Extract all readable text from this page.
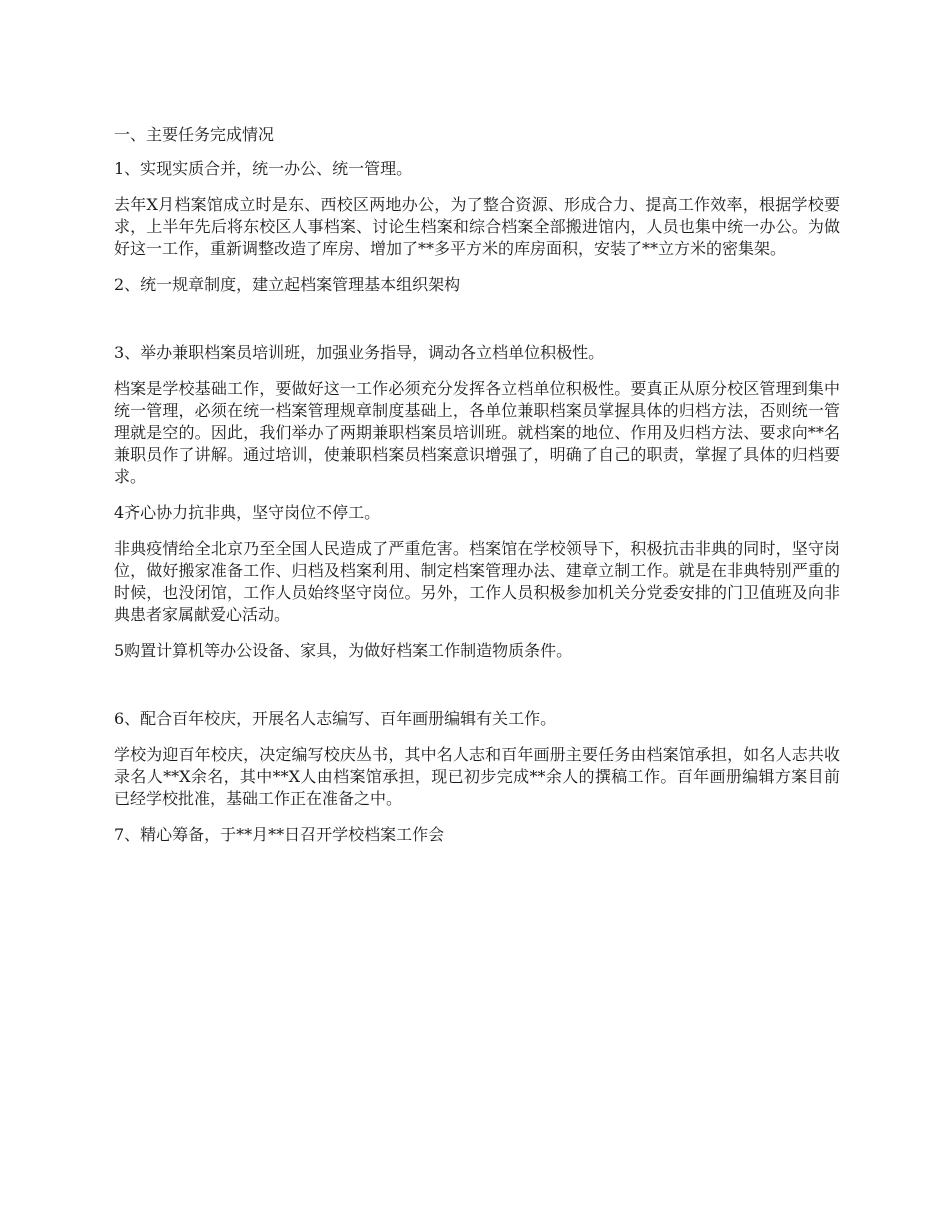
一、主要任务完成情况
1、实现实质合并，统一办公、统一管理。
去年X月档案馆成立时是东、西校区两地办公，为了整合资源、形成合力、提高工作效率，根据学校要求，上半年先后将东校区人事档案、讨论生档案和综合档案全部搬进馆内，人员也集中统一办公。为做好这一工作，重新调整改造了库房、增加了**多平方米的库房面积，安装了**立方米的密集架。
2、统一规章制度，建立起档案管理基本组织架构
3、举办兼职档案员培训班，加强业务指导，调动各立档单位积极性。
档案是学校基础工作，要做好这一工作必须充分发挥各立档单位积极性。要真正从原分校区管理到集中统一管理，必须在统一档案管理规章制度基础上，各单位兼职档案员掌握具体的归档方法，否则统一管理就是空的。因此，我们举办了两期兼职档案员培训班。就档案的地位、作用及归档方法、要求向**名兼职员作了讲解。通过培训，使兼职档案员档案意识增强了，明确了自己的职责，掌握了具体的归档要求。
4齐心协力抗非典，坚守岗位不停工。
非典疫情给全北京乃至全国人民造成了严重危害。档案馆在学校领导下，积极抗击非典的同时，坚守岗位，做好搬家准备工作、归档及档案利用、制定档案管理办法、建章立制工作。就是在非典特别严重的时候，也没闭馆，工作人员始终坚守岗位。另外，工作人员积极参加机关分党委安排的门卫值班及向非典患者家属献爱心活动。
5购置计算机等办公设备、家具，为做好档案工作制造物质条件。
6、配合百年校庆，开展名人志编写、百年画册编辑有关工作。
学校为迎百年校庆，决定编写校庆丛书，其中名人志和百年画册主要任务由档案馆承担，如名人志共收录名人**X余名，其中**X人由档案馆承担，现已初步完成**余人的撰稿工作。百年画册编辑方案目前已经学校批准，基础工作正在准备之中。
7、精心筹备，于**月**日召开学校档案工作会
